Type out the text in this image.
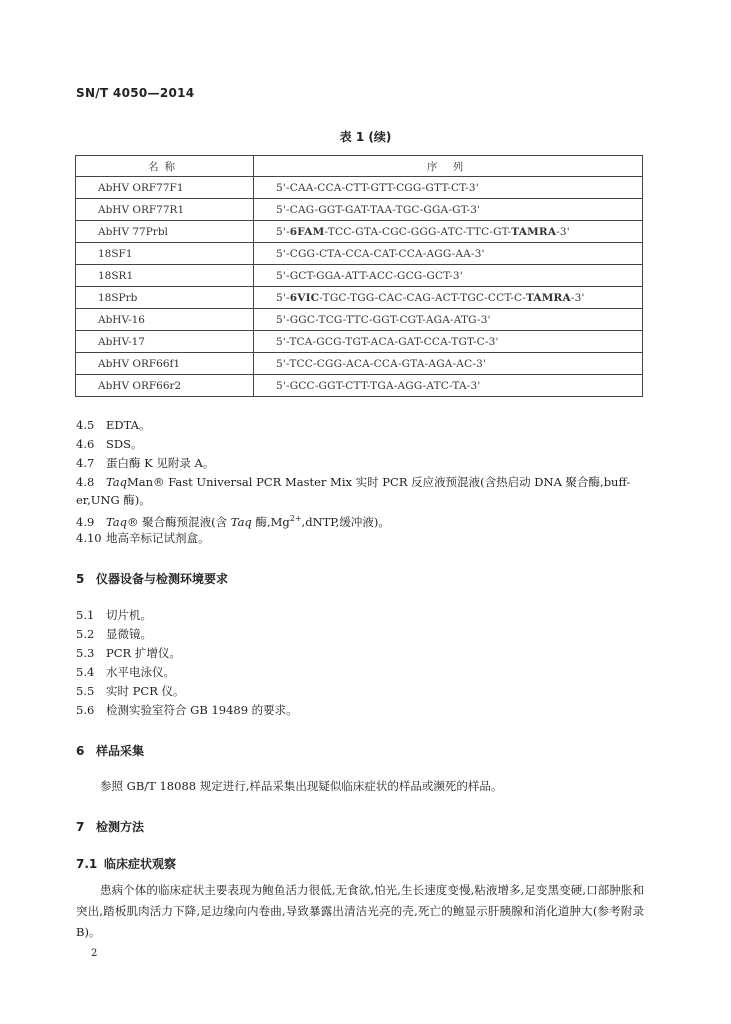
SN/T 4050—2014
表 1 (续)
名称	序 列
AbHV ORF77F1	5'-CAA-CCA-CTT-GTT-CGG-GTT-CT-3'
AbHV ORF77R1	5'-CAG-GGT-GAT-TAA-TGC-GGA-GT-3'
AbHV 77Prbl	5'-6FAM-TCC-GTA-CGC-GGG-ATC-TTC-GT-TAMRA-3'
18SF1	5'-CGG-CTA-CCA-CAT-CCA-AGG-AA-3'
18SR1	5'-GCT-GGA-ATT-ACC-GCG-GCT-3'
18SPrb	5'-6VIC-TGC-TGG-CAC-CAG-ACT-TGC-CCT-C-TAMRA-3'
AbHV-16	5'-GGC-TCG-TTC-GGT-CGT-AGA-ATG-3'
AbHV-17	5'-TCA-GCG-TGT-ACA-GAT-CCA-TGT-C-3'
AbHV ORF66f1	5'-TCC-CGG-ACA-CCA-GTA-AGA-AC-3'
AbHV ORF66r2	5'-GCC-GGT-CTT-TGA-AGG-ATC-TA-3'
4.5 EDTA。
4.6 SDS。
4.7 蛋白酶 K 见附录 A。
4.8 TaqMan® Fast Universal PCR Master Mix 实时 PCR 反应液预混液(含热启动 DNA 聚合酶,buff-
er,UNG 酶)。
4.9 Taq® 聚合酶预混液(含 Taq 酶$,Mg^{2+},dNTP$,缓冲液)。
4.10 地高辛标记试剂盒。
5 仪器设备与检测环境要求
5.1 切片机。
5.2 显微镜。
5.3 PCR 扩增仪。
5.4 水平电泳仪。
5.5 实时 PCR 仪。
5.6 检测实验室符合 GB 19489 的要求。
6 样品采集
参照 GB/T 18088 规定进行,样品采集出现疑似临床症状的样品或濒死的样品。
7 检测方法
7.1 临床症状观察
患病个体的临床症状主要表现为鲍鱼活力很低,无食欲,怕光,生长速度变慢,粘液增多,足变黑变硬,口部肿胀和突出,踏板肌肉活力下降,足边缘向内卷曲,导致暴露出清洁光亮的壳,死亡的鲍显示肝胰腺和消化道肿大(参考附录 B)。
2
